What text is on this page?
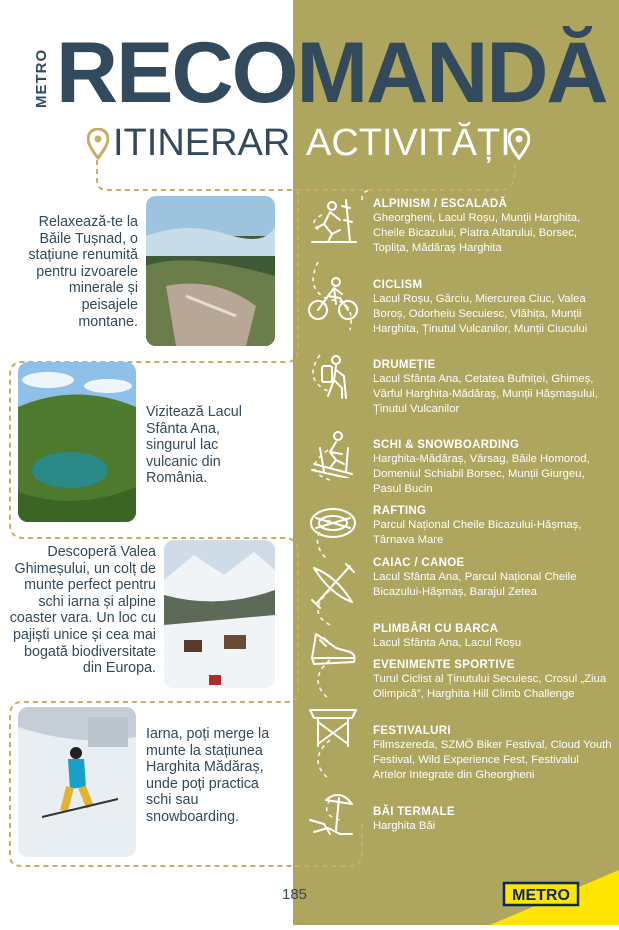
METRO RECOMANDĂ
ITINERAR ACTIVITĂȚI
Relaxează-te la Băile Tușnad, o stațiune renumită pentru izvoarele minerale și peisajele montane.
Vizitează Lacul Sfânta Ana, singurul lac vulcanic din România.
Descoperă Valea Ghimeșului, un colț de munte perfect pentru schi iarna și alpine coaster vara. Un loc cu pajiști unice și cea mai bogată biodiversitate din Europa.
Iarna, poți merge la munte la stațiunea Harghita Mădăraș, unde poți practica schi sau snowboarding.
ALPINISM / ESCALADĂ
Gheorgheni, Lacul Roșu, Munții Harghita, Cheile Bicazului, Piatra Altarului, Borsec, Toplița, Mădăraș Harghita
CICLISM
Lacul Roșu, Gârciu, Miercurea Ciuc, Valea Boroș, Odorheiu Secuiesc, Vlăhița, Munții Harghita, Ținutul Vulcanilor, Munții Ciucului
DRUMEȚIE
Lacul Sfânta Ana, Cetatea Bufniței, Ghimeș, Vârful Harghita-Mădăraș, Munții Hășmașului, Ținutul Vulcanilor
SCHI & SNOWBOARDING
Harghita-Mădăraș, Vârsag, Băile Homorod, Domeniul Schiabil Borsec, Munții Giurgeu, Pasul Bucin
RAFTING
Parcul Național Cheile Bicazului-Hășmaș, Târnava Mare
CAIAC / CANOE
Lacul Sfânta Ana, Parcul Național Cheile Bicazului-Hășmaș, Barajul Zetea
PLIMBĂRI CU BARCA
Lacul Sfânta Ana, Lacul Roșu
EVENIMENTE SPORTIVE
Turul Ciclist al Ținutului Secuiesc, Crosul „Ziua Olimpică”, Harghita Hill Climb Challenge
FESTIVALURI
Filmszereda, SZMÖ Biker Festival, Cloud Youth Festival, Wild Experience Fest, Festivalul Artelor Integrate din Gheorgheni
BĂI TERMALE
Harghita Băi
185	METRO
